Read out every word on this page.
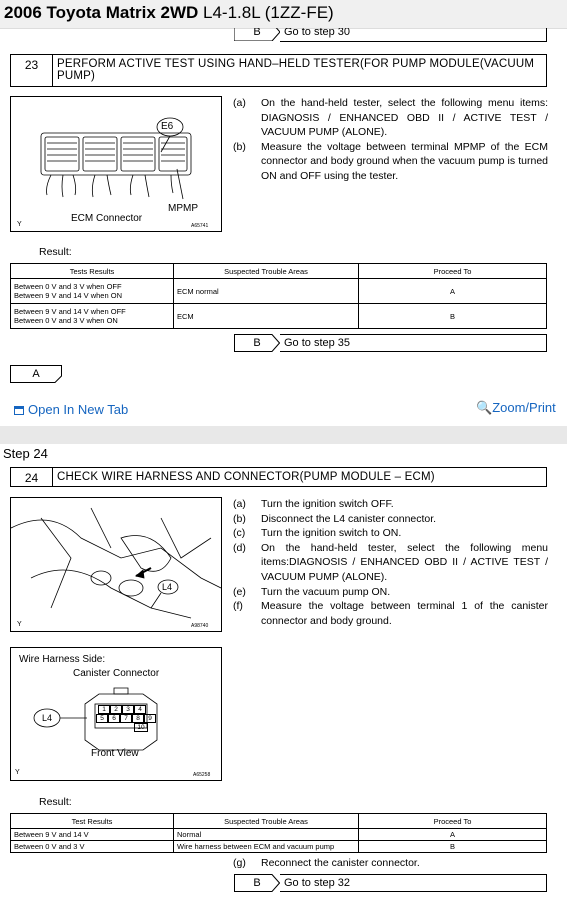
2006 Toyota Matrix 2WD L4-1.8L (1ZZ-FE)
B	Go to step 30
23	PERFORM ACTIVE TEST USING HAND–HELD TESTER(FOR PUMP MODULE(VACUUM PUMP)
E6
MPMP
ECM Connector
Y	A65741
(a)	On the hand-held tester, select the following menu items: DIAGNOSIS / ENHANCED OBD II / ACTIVE TEST / VACUUM PUMP (ALONE).
(b)	Measure the voltage between terminal MPMP of the ECM connector and body ground when the vacuum pump is turned ON and OFF using the tester.
Result:
Tests Results	Suspected Trouble Areas	Proceed To

Between 0 V and 3 V when OFF
Between 9 V and 14 V when ON	ECM normal	A

Between 9 V and 14 V when OFF
Between 0 V and 3 V when ON	ECM	B
B	Go to step 35
A
Open In New Tab	🔍Zoom/Print
Step 24
24	CHECK WIRE HARNESS AND CONNECTOR(PUMP MODULE – ECM)
L4
Y	A98740
Wire Harness Side:
Canister Connector
1	2	3	4
5	6	7	8	9
10
L4
Front View
Y	A65258
(a)	Turn the ignition switch OFF.
(b)	Disconnect the L4 canister connector.
(c)	Turn the ignition switch to ON.
(d)	On the hand-held tester, select the following menu items:DIAGNOSIS / ENHANCED OBD II / ACTIVE TEST / VACUUM PUMP (ALONE).
(e)	Turn the vacuum pump ON.
(f)	Measure the voltage between terminal 1 of the canister connector and body ground.
Result:
Test Results	Suspected Trouble Areas	Proceed To
Between 9 V and 14 V	Normal	A
Between 0 V and 3 V	Wire harness between ECM and vacuum pump	B
(g)	Reconnect the canister connector.
B	Go to step 32
